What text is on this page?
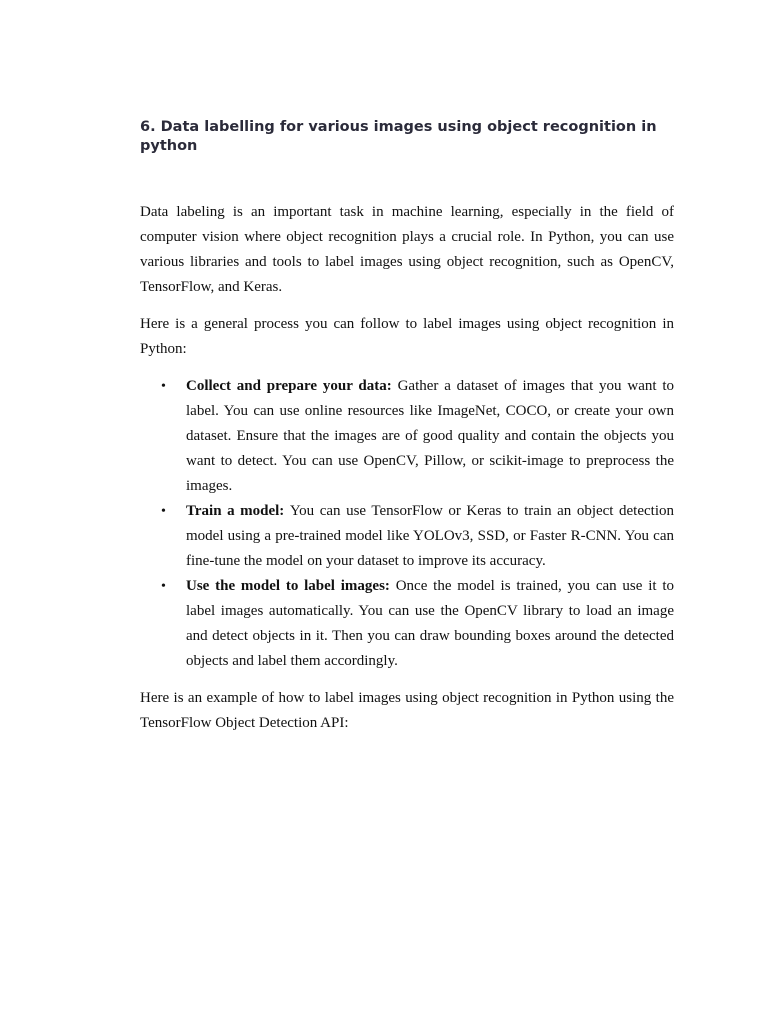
6. Data labelling for various images using object recognition in python

Data labeling is an important task in machine learning, especially in the field of computer vision where object recognition plays a crucial role. In Python, you can use various libraries and tools to label images using object recognition, such as OpenCV, TensorFlow, and Keras.

Here is a general process you can follow to label images using object recognition in Python:

• Collect and prepare your data: Gather a dataset of images that you want to label. You can use online resources like ImageNet, COCO, or create your own dataset. Ensure that the images are of good quality and contain the objects you want to detect. You can use OpenCV, Pillow, or scikit-image to preprocess the images.
• Train a model: You can use TensorFlow or Keras to train an object detection model using a pre-trained model like YOLOv3, SSD, or Faster R-CNN. You can fine-tune the model on your dataset to improve its accuracy.
• Use the model to label images: Once the model is trained, you can use it to label images automatically. You can use the OpenCV library to load an image and detect objects in it. Then you can draw bounding boxes around the detected objects and label them accordingly.

Here is an example of how to label images using object recognition in Python using the TensorFlow Object Detection API:
